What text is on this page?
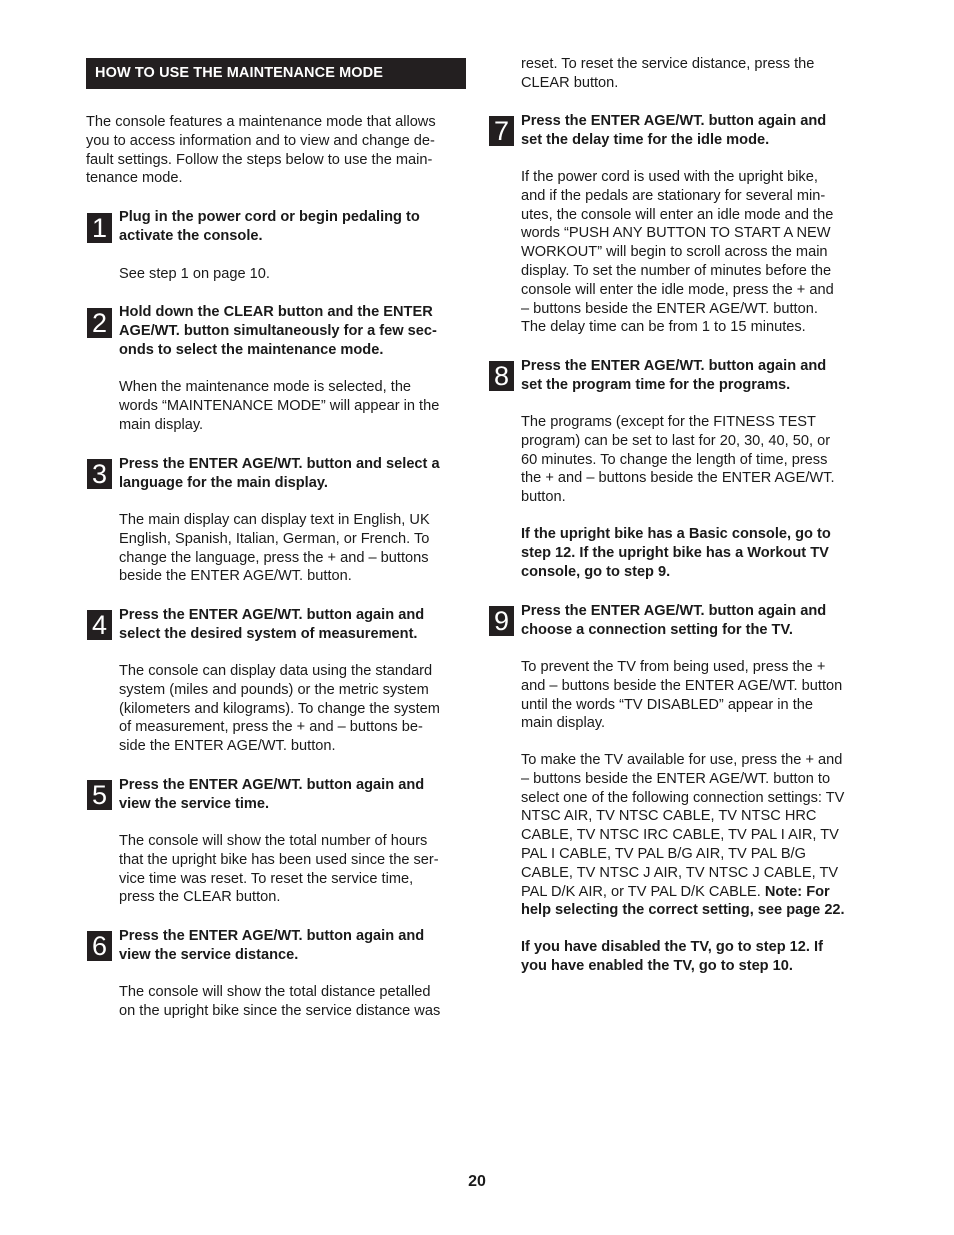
HOW TO USE THE MAINTENANCE MODE

The console features a maintenance mode that allows
you to access information and to view and change de-
fault settings. Follow the steps below to use the main-
tenance mode.

1 Plug in the power cord or begin pedaling to
activate the console.

See step 1 on page 10.

2 Hold down the CLEAR button and the ENTER
AGE/WT. button simultaneously for a few sec-
onds to select the maintenance mode.

When the maintenance mode is selected, the
words “MAINTENANCE MODE” will appear in the
main display.

3 Press the ENTER AGE/WT. button and select a
language for the main display.

The main display can display text in English, UK
English, Spanish, Italian, German, or French. To
change the language, press the + and – buttons
beside the ENTER AGE/WT. button.

4 Press the ENTER AGE/WT. button again and
select the desired system of measurement.

The console can display data using the standard
system (miles and pounds) or the metric system
(kilometers and kilograms). To change the system
of measurement, press the + and – buttons be-
side the ENTER AGE/WT. button.

5 Press the ENTER AGE/WT. button again and
view the service time.

The console will show the total number of hours
that the upright bike has been used since the ser-
vice time was reset. To reset the service time,
press the CLEAR button.

6 Press the ENTER AGE/WT. button again and
view the service distance.

The console will show the total distance petalled
on the upright bike since the service distance was

reset. To reset the service distance, press the
CLEAR button.

7 Press the ENTER AGE/WT. button again and
set the delay time for the idle mode.

If the power cord is used with the upright bike,
and if the pedals are stationary for several min-
utes, the console will enter an idle mode and the
words “PUSH ANY BUTTON TO START A NEW
WORKOUT” will begin to scroll across the main
display. To set the number of minutes before the
console will enter the idle mode, press the + and
– buttons beside the ENTER AGE/WT. button.
The delay time can be from 1 to 15 minutes.

8 Press the ENTER AGE/WT. button again and
set the program time for the programs.

The programs (except for the FITNESS TEST
program) can be set to last for 20, 30, 40, 50, or
60 minutes. To change the length of time, press
the + and – buttons beside the ENTER AGE/WT.
button.

If the upright bike has a Basic console, go to
step 12. If the upright bike has a Workout TV
console, go to step 9.

9 Press the ENTER AGE/WT. button again and
choose a connection setting for the TV.

To prevent the TV from being used, press the +
and – buttons beside the ENTER AGE/WT. button
until the words “TV DISABLED” appear in the
main display.

To make the TV available for use, press the + and
– buttons beside the ENTER AGE/WT. button to
select one of the following connection settings: TV
NTSC AIR, TV NTSC CABLE, TV NTSC HRC
CABLE, TV NTSC IRC CABLE, TV PAL I AIR, TV
PAL I CABLE, TV PAL B/G AIR, TV PAL B/G
CABLE, TV NTSC J AIR, TV NTSC J CABLE, TV
PAL D/K AIR, or TV PAL D/K CABLE. Note: For
help selecting the correct setting, see page 22.

If you have disabled the TV, go to step 12. If
you have enabled the TV, go to step 10.

20
